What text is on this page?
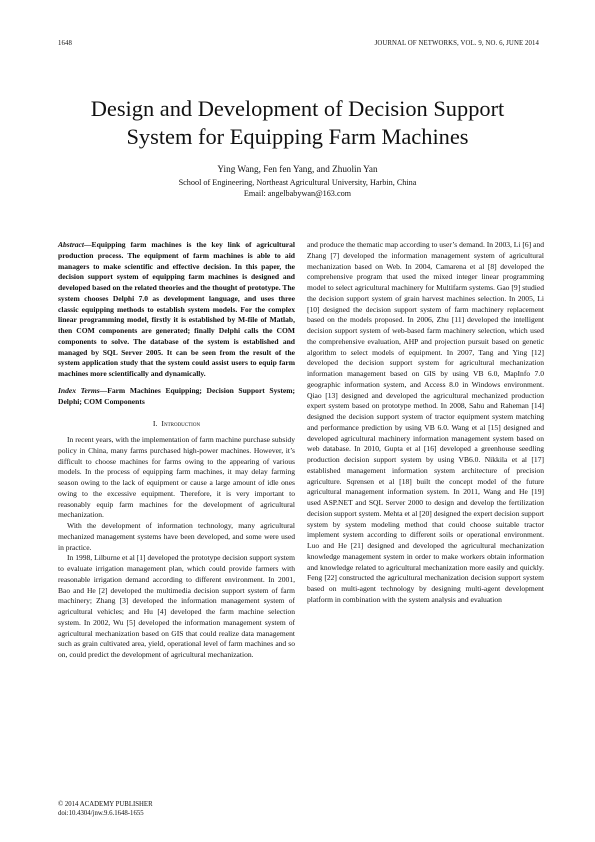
1648	JOURNAL OF NETWORKS, VOL. 9, NO. 6, JUNE 2014
Design and Development of Decision Support
System for Equipping Farm Machines
Ying Wang, Fen fen Yang, and Zhuolin Yan
School of Engineering, Northeast Agricultural University, Harbin, China
Email: angelbabywan@163.com

Abstract—Equipping farm machines is the key link of agricultural production process. The equipment of farm machines is able to aid managers to make scientific and effective decision. In this paper, the decision support system of equipping farm machines is designed and developed based on the related theories and the thought of prototype. The system chooses Delphi 7.0 as development language, and uses three classic equipping methods to establish system models. For the complex linear programming model, firstly it is established by M-file of Matlab, then COM components are generated; finally Delphi calls the COM components to solve. The database of the system is established and managed by SQL Server 2005. It can be seen from the result of the system application study that the system could assist users to equip farm machines more scientifically and dynamically.

Index Terms—Farm Machines Equipping; Decision Support System; Delphi; COM Components

I. Introduction

In recent years, with the implementation of farm machine purchase subsidy policy in China, many farms purchased high-power machines. However, it’s difficult to choose machines for farms owing to the appearing of various models. In the process of equipping farm machines, it may delay farming season owing to the lack of equipment or cause a large amount of idle ones owing to the excessive equipment. Therefore, it is very important to reasonably equip farm machines for the development of agricultural mechanization.

With the development of information technology, many agricultural mechanized management systems have been developed, and some were used in practice.

In 1998, Lilburne et al [1] developed the prototype decision support system to evaluate irrigation management plan, which could provide farmers with reasonable irrigation demand according to different environment. In 2001, Bao and He [2] developed the multimedia decision support system of farm machinery; Zhang [3] developed the information management system of agricultural vehicles; and Hu [4] developed the farm machine selection system. In 2002, Wu [5] developed the information management system of agricultural mechanization based on GIS that could realize data management such as grain cultivated area, yield, operational level of farm machines and so on, could predict the development of agricultural mechanization.

and produce the thematic map according to user’s demand. In 2003, Li [6] and Zhang [7] developed the information management system of agricultural mechanization based on Web. In 2004, Camarena et al [8] developed the comprehensive program that used the mixed integer linear programming model to select agricultural machinery for Multifarm systems. Gao [9] studied the decision support system of grain harvest machines selection. In 2005, Li [10] designed the decision support system of farm machinery replacement based on the models proposed. In 2006, Zhu [11] developed the intelligent decision support system of web-based farm machinery selection, which used the comprehensive evaluation, AHP and projection pursuit based on genetic algorithm to select models of equipment. In 2007, Tang and Ying [12] developed the decision support system for agricultural mechanization information management based on GIS by using VB 6.0, MapInfo 7.0 geographic information system, and Access 8.0 in Windows environment. Qiao [13] designed and developed the agricultural mechanized production expert system based on prototype method. In 2008, Sahu and Raheman [14] designed the decision support system of tractor equipment system matching and performance prediction by using VB 6.0. Wang et al [15] designed and developed agricultural machinery information management system based on web database. In 2010, Gupta et al [16] developed a greenhouse seedling production decision support system by using VB6.0. Nikkila et al [17] established management information system architecture of precision agriculture. Sqrensen et al [18] built the concept model of the future agricultural management information system. In 2011, Wang and He [19] used ASP.NET and SQL Server 2000 to design and develop the fertilization decision support system. Mehta et al [20] designed the expert decision support system by system modeling method that could choose suitable tractor implement system according to different soils or operational environment. Luo and He [21] designed and developed the agricultural mechanization knowledge management system in order to make workers obtain information and knowledge related to agricultural mechanization more easily and quickly. Feng [22] constructed the agricultural mechanization decision support system based on multi-agent technology by designing multi-agent development platform in combination with the system analysis and evaluation

© 2014 ACADEMY PUBLISHER
doi:10.4304/jnw.9.6.1648-1655
